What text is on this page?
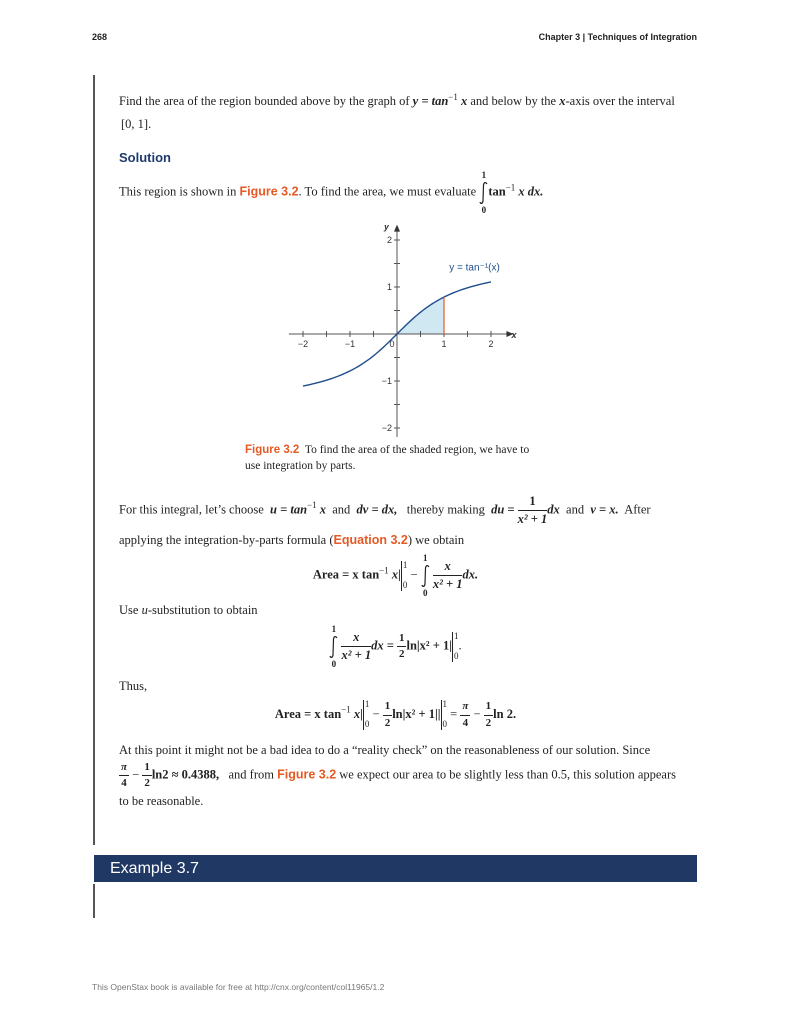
268	Chapter 3 | Techniques of Integration
Find the area of the region bounded above by the graph of $y = \tan^{-1} x$ and below by the x-axis over the interval
[0, 1].
Solution
This region is shown in Figure 3.2. To find the area, we must evaluate
1
0
$\tan^{-1} x$ dx.
−2	−1	0	1	2
−2
−1
1
2
x
y
y = tan⁻¹(x)
Figure 3.2 To find the area of the shaded region, we have to use integration by parts.
For this integral, let’s choose $u = \tan^{-1} x$ and dv = dx, thereby making du = $\frac{1}{\text{x² + 1}}$ dx and v = x. After
applying the integration-by-parts formula (Equation 3.2) we obtain
Area = x $\tan^{-1} x|$
1
0
−
1
0

$\frac{x}{\text{x² + 1}}$ dx.
Use u-substitution to obtain
1
0

$\frac{x}{\text{x² + 1}}$ dx = $\frac{1}{2} \ln|x^2 + 1|$
1
0
.
Thus,
Area = x $\tan^{-1} x|$
1
0
− $\frac{1}{2} \ln|x^2 + 1||$
1
0
= $\frac{\pi}{4} - \frac{1}{2}$ ln 2.
At this point it might not be a bad idea to do a “reality check” on the reasonableness of our solution. Since
$\frac{\pi}{4} - \frac{1}{2} \ln 2 \approx 0.4388$, and from Figure 3.2 we expect our area to be slightly less than 0.5, this solution appears
to be reasonable.
Example 3.7
This OpenStax book is available for free at http://cnx.org/content/col11965/1.2
